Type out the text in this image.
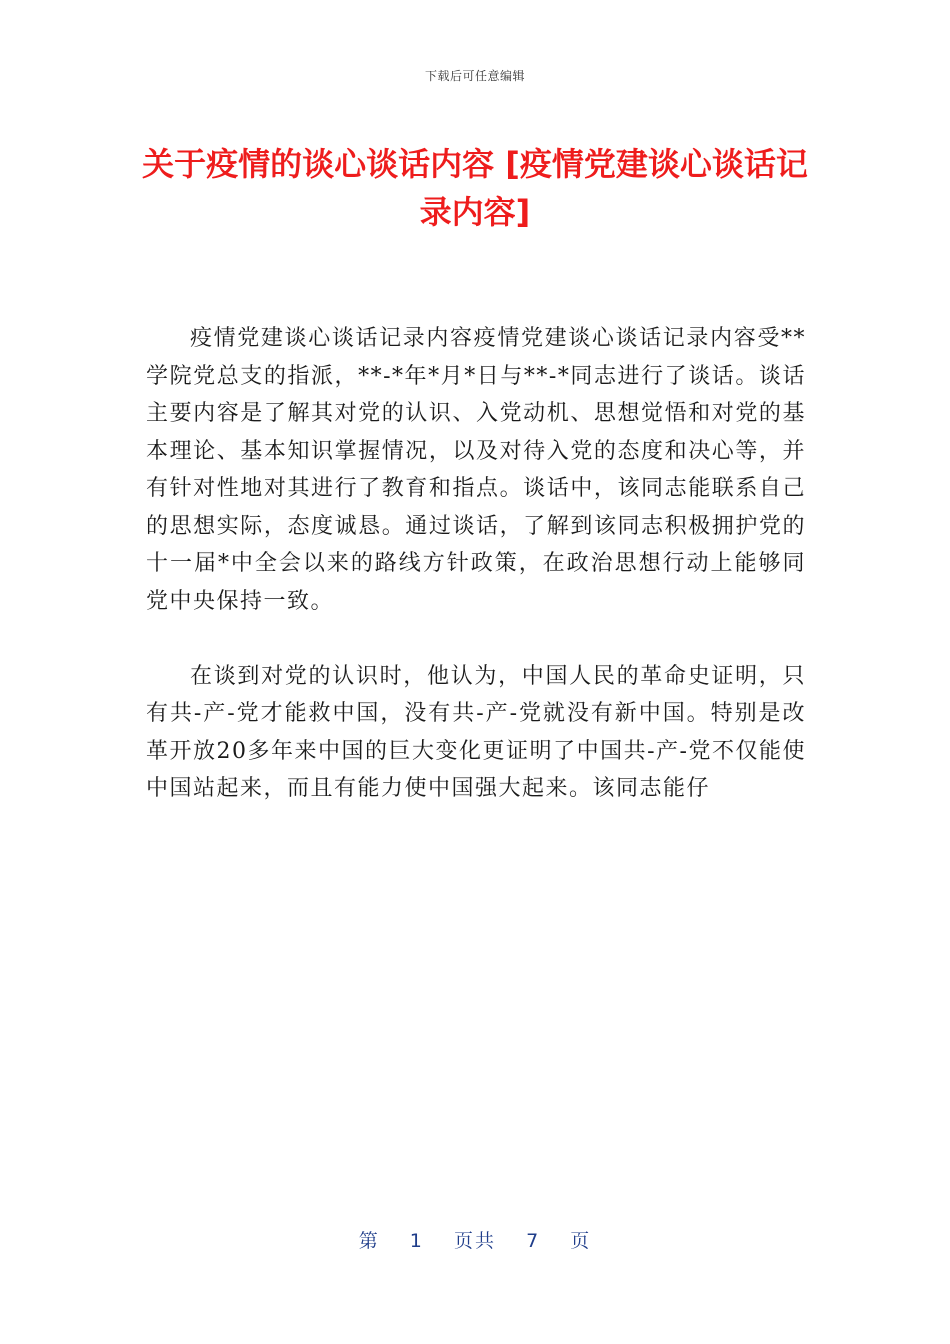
下载后可任意编辑
关于疫情的谈心谈话内容 [疫情党建谈心谈话记录内容]

疫情党建谈心谈话记录内容疫情党建谈心谈话记录内容受**学院党总支的指派，**-*年*月*日与**-*同志进行了谈话。谈话主要内容是了解其对党的认识、入党动机、思想觉悟和对党的基本理论、基本知识掌握情况，以及对待入党的态度和决心等，并有针对性地对其进行了教育和指点。谈话中，该同志能联系自己的思想实际，态度诚恳。通过谈话，了解到该同志积极拥护党的十一届*中全会以来的路线方针政策，在政治思想行动上能够同党中央保持一致。

在谈到对党的认识时，他认为，中国人民的革命史证明，只有共-产-党才能救中国，没有共-产-党就没有新中国。特别是改革开放20多年来中国的巨大变化更证明了中国共-产-党不仅能使中国站起来，而且有能力使中国强大起来。该同志能仔

第 1 页共 7 页
